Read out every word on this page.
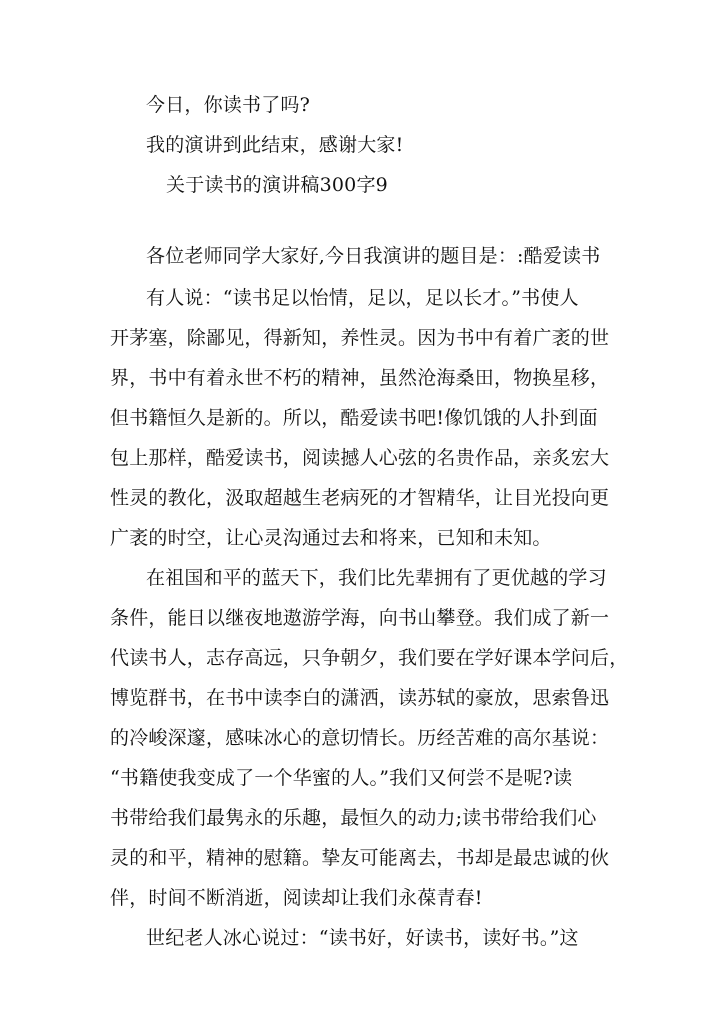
今日，你读书了吗?
我的演讲到此结束，感谢大家!
关于读书的演讲稿300字9
各位老师同学大家好,今日我演讲的题目是：:酷爱读书
有人说：“读书足以怡情，足以，足以长才。”书使人
开茅塞，除鄙见，得新知，养性灵。因为书中有着广袤的世
界，书中有着永世不朽的精神，虽然沧海桑田，物换星移，
但书籍恒久是新的。所以，酷爱读书吧!像饥饿的人扑到面
包上那样，酷爱读书，阅读撼人心弦的名贵作品，亲炙宏大
性灵的教化，汲取超越生老病死的才智精华，让目光投向更
广袤的时空，让心灵沟通过去和将来，已知和未知。
在祖国和平的蓝天下，我们比先辈拥有了更优越的学习
条件，能日以继夜地遨游学海，向书山攀登。我们成了新一
代读书人，志存高远，只争朝夕，我们要在学好课本学问后，
博览群书，在书中读李白的潇洒，读苏轼的豪放，思索鲁迅
的冷峻深邃，感味冰心的意切情长。历经苦难的高尔基说：
“书籍使我变成了一个华蜜的人。”我们又何尝不是呢?读
书带给我们最隽永的乐趣，最恒久的动力;读书带给我们心
灵的和平，精神的慰籍。挚友可能离去，书却是最忠诚的伙
伴，时间不断消逝，阅读却让我们永葆青春!
世纪老人冰心说过：“读书好，好读书，读好书。”这
